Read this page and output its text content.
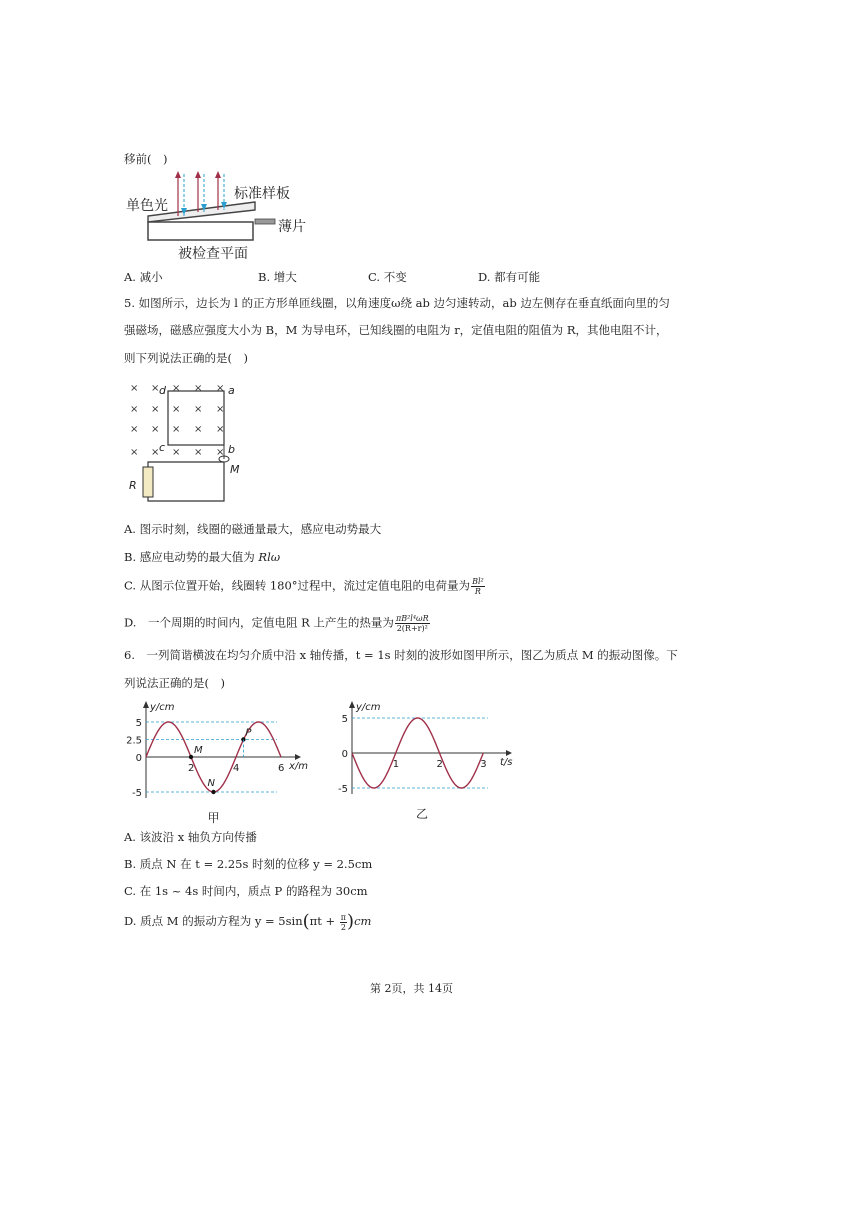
移前(　)
单色光
标准样板
薄片
被检查平面
A. 减小	B. 增大	C. 不变	D. 都有可能
5. 如图所示，边长为 l 的正方形单匝线圈，以角速度ω绕 ab 边匀速转动，ab 边左侧存在垂直纸面向里的匀
强磁场，磁感应强度大小为 B，M 为导电环，已知线圈的电阻为 r，定值电阻的阻值为 R，其他电阻不计，
则下列说法正确的是(　)
× × × × ×
× × × × ×
× × × × ×
× × × × ×
d	a
c	b
M
R
A. 图示时刻，线圈的磁通量最大，感应电动势最大
B. 感应电动势的最大值为 Rlω
C. 从图示位置开始，线圈转 180°过程中，流过定值电阻的电荷量为 $\frac{\text{Bl²}}{R}$
D.　一个周期的时间内，定值电阻 R 上产生的热量为 $\frac{\text{πB²l⁴ωR}}{\text{2(R+r)²}}$
6.　一列简谐横波在均匀介质中沿 x 轴传播，t = 1s 时刻的波形如图甲所示，图乙为质点 M 的振动图像。下
列说法正确的是(　)
y/cm
x/m
5
2.5
0
-5
2	4	6
M
N
P
甲
y/cm
t/s
5
0
-5
1	2	3
乙
A. 该波沿 x 轴负方向传播
B. 质点 N 在 t = 2.25s 时刻的位移 y = 2.5cm
C. 在 1s ~ 4s 时间内，质点 P 的路程为 30cm
D. 质点 M 的振动方程为 $y = 5\sin(\pi t + \frac{\pi}{2} )cm$
第 2页，共 14页
